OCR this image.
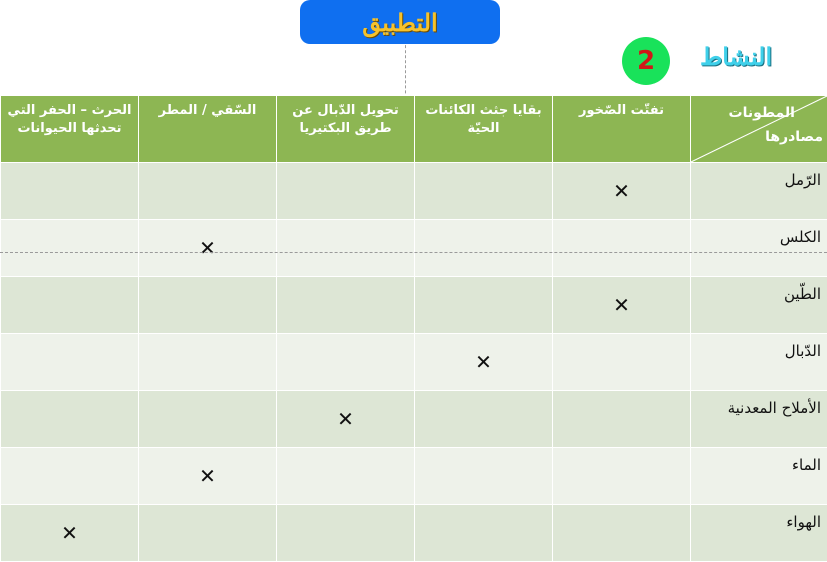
التطبيق
النشاط
2
الحرث – الحفر التي تحدثها الحيوانات	السّقي / المطر	تحويل الدّبال عن طريق البكتيريا	بقايا جثث الكائنات الحيّة	تفتّت الصّخور	المطونات
مصادرها

				✕	الرّمل
	✕				الكلس
				✕	الطّين
			✕		الدّبال
		✕			الأملاح المعدنية
	✕				الماء
✕					الهواء
